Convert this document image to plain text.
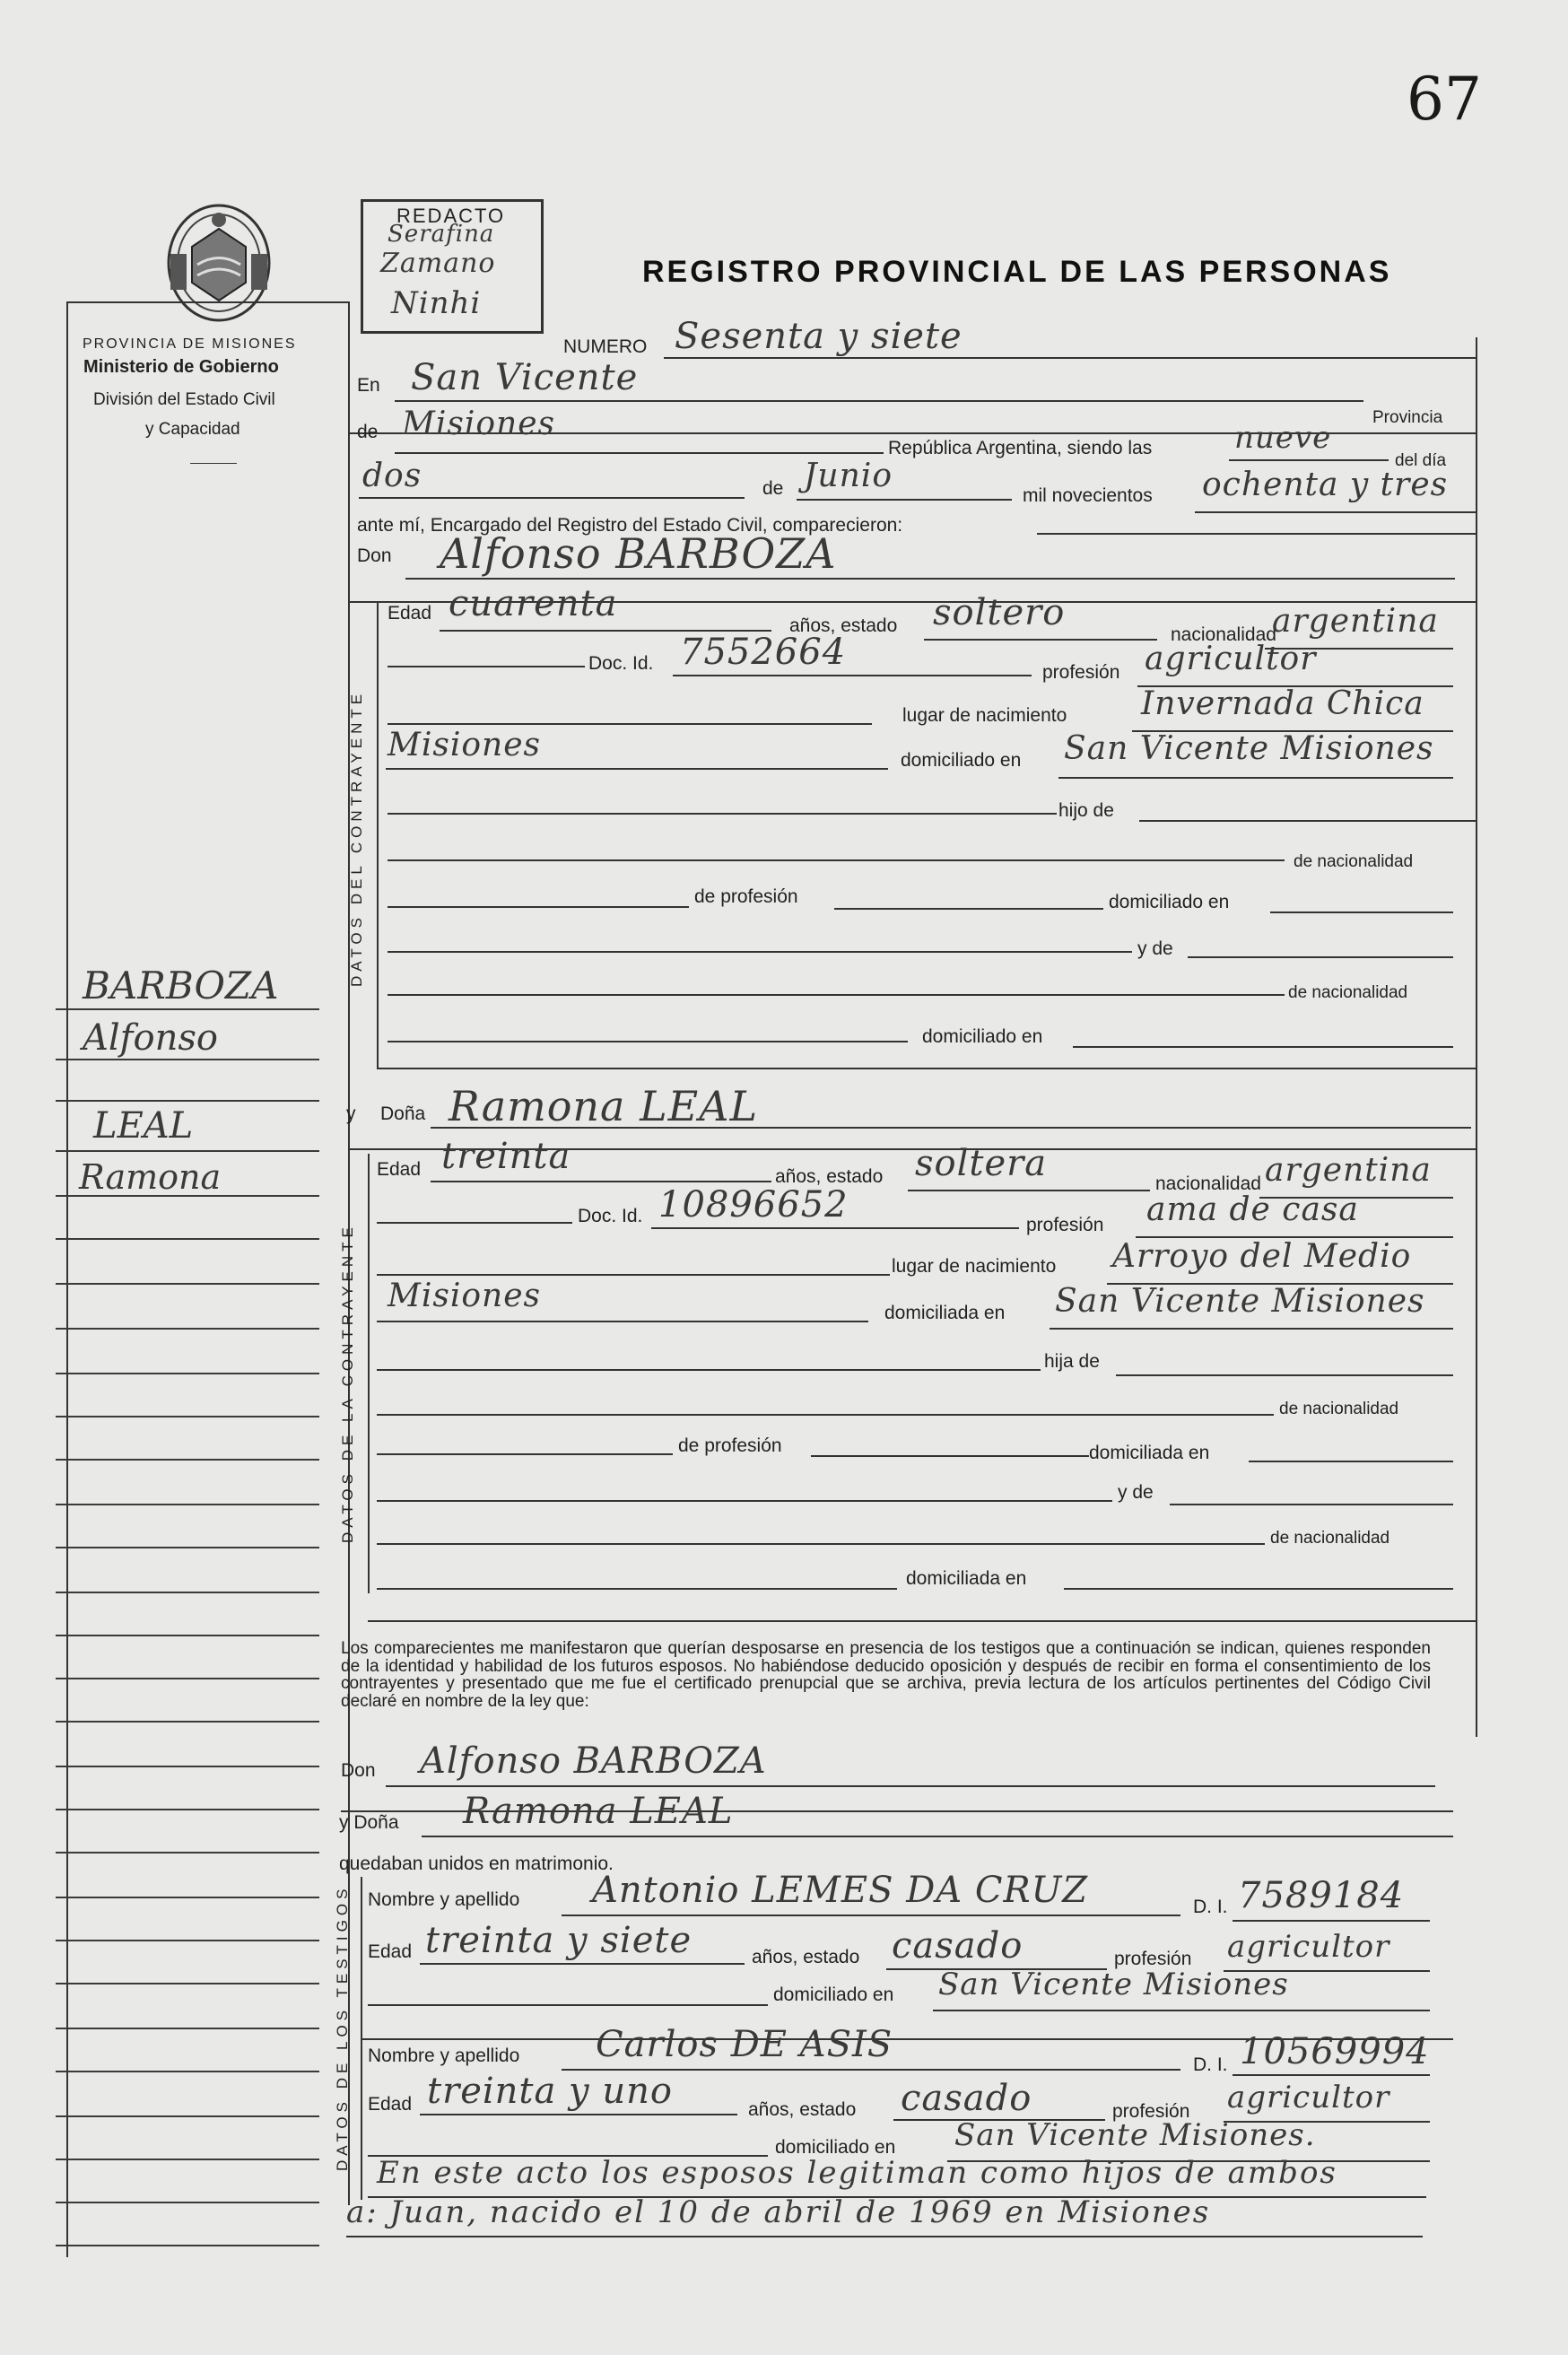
67
PROVINCIA DE MISIONES
Ministerio de Gobierno
División del Estado Civil
y Capacidad
REDACTO
Serafina
Zamano
Ninhi
REGISTRO PROVINCIAL DE LAS PERSONAS
NUMERO Sesenta y siete
En San Vicente
Provincia
de Misiones
República Argentina, siendo las	nueve
del día
dos	de Junio
mil novecientos ochenta y tres
ante mí, Encargado del Registro del Estado Civil, comparecieron:
Don Alfonso BARBOZA
DATOS DEL CONTRAYENTE
Edad cuarenta
años, estado soltero
nacionalidad
argentina
Doc. Id. 7552664	profesión agricultor
lugar de nacimiento Invernada Chica
Misiones	domiciliado en San Vicente Misiones
hijo de
de nacionalidad
de profesión	domiciliado en
y de
de nacionalidad
domiciliado en
y Doña Ramona LEAL
DATOS DE LA CONTRAYENTE
Edad treinta	años, estado soltera	nacionalidad argentina
Doc. Id. 10896652	profesión ama de casa
lugar de nacimiento Arroyo del Medio
Misiones	domiciliada en San Vicente Misiones
hija de
de nacionalidad
de profesión	domiciliada en
y de
de nacionalidad
domiciliada en
Los comparecientes me manifestaron que querían desposarse en presencia de los testigos que a continuación se indican, quienes responden de la identidad y habilidad de los futuros esposos. No habiéndose deducido oposición y después de recibir en forma el consentimiento de los contrayentes y presentado que me fue el certificado prenupcial que se archiva, previa lectura de los artículos pertinentes del Código Civil declaré en nombre de la ley que:
Don Alfonso BARBOZA
y Doña Ramona LEAL
quedaban unidos en matrimonio.
DATOS DE LOS TESTIGOS Nombre y apellido Antonio LEMES DA CRUZ	D. I. 7589184
Edad treinta y siete	años, estado casado	profesión agricultor
domiciliado en San Vicente Misiones
Nombre y apellido Carlos DE ASIS	D. I. 10569994
Edad treinta y uno	años, estado casado	profesión agricultor
domiciliado en San Vicente Misiones.
En este acto los esposos legitiman como hijos de ambos
a: Juan, nacido el 10 de abril de 1969 en Misiones
BARBOZA
Alfonso
LEAL
Ramona
